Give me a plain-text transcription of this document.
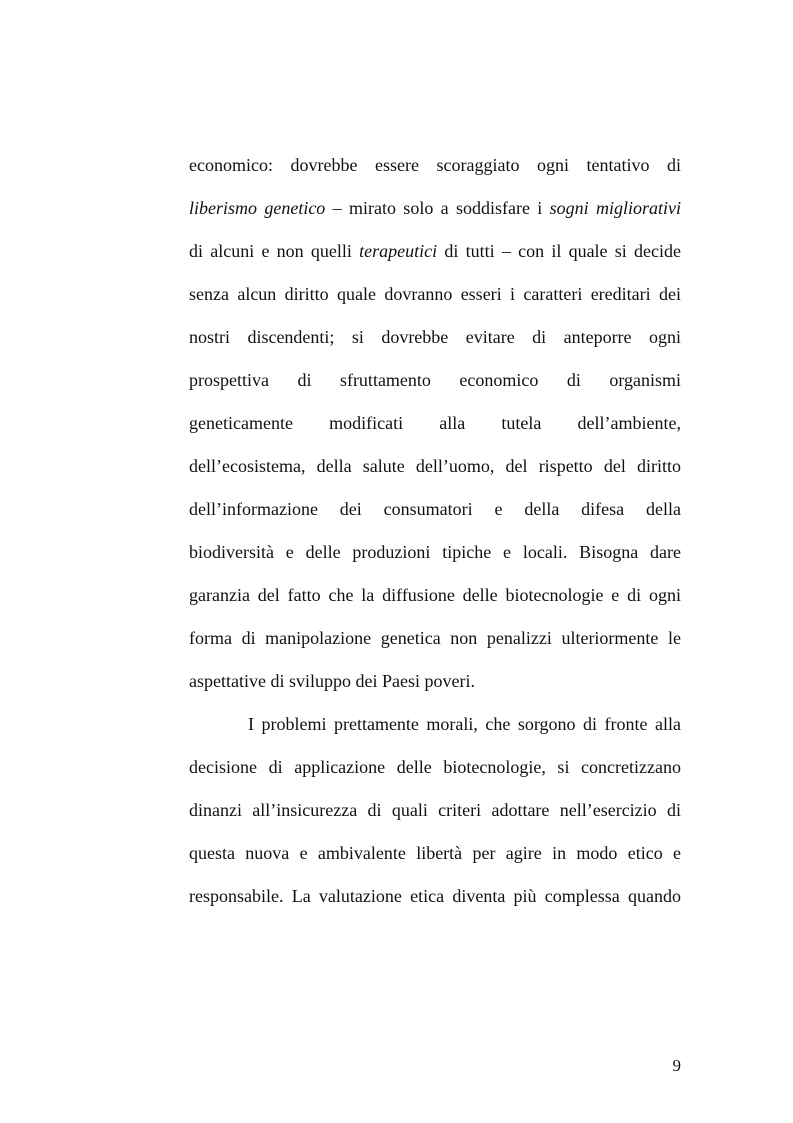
economico: dovrebbe essere scoraggiato ogni tentativo di
liberismo genetico – mirato solo a soddisfare i sogni migliorativi
di alcuni e non quelli terapeutici di tutti – con il quale si decide
senza alcun diritto quale dovranno esseri i caratteri ereditari dei
nostri discendenti; si dovrebbe evitare di anteporre ogni
prospettiva di sfruttamento economico di organismi
geneticamente modificati alla tutela dell’ambiente,
dell’ecosistema, della salute dell’uomo, del rispetto del diritto
dell’informazione dei consumatori e della difesa della
biodiversità e delle produzioni tipiche e locali. Bisogna dare
garanzia del fatto che la diffusione delle biotecnologie e di ogni
forma di manipolazione genetica non penalizzi ulteriormente le
aspettative di sviluppo dei Paesi poveri.
I problemi prettamente morali, che sorgono di fronte alla
decisione di applicazione delle biotecnologie, si concretizzano
dinanzi all’insicurezza di quali criteri adottare nell’esercizio di
questa nuova e ambivalente libertà per agire in modo etico e
responsabile. La valutazione etica diventa più complessa quando
9
